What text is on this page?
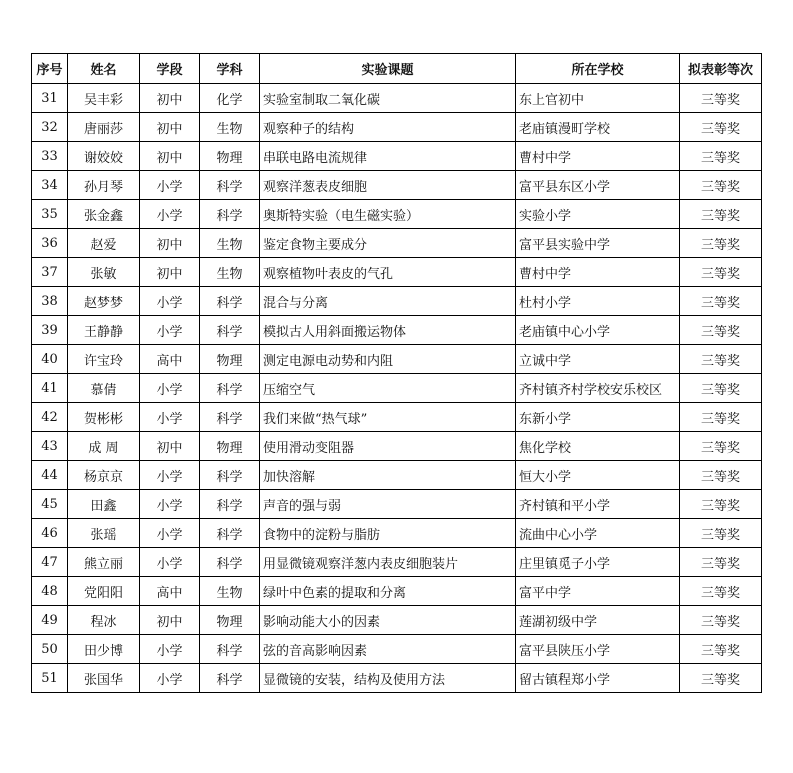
序号	姓名	学段	学科	实验课题	所在学校	拟表彰等次
31	吴丰彩	初中	化学	实验室制取二氧化碳	东上官初中	三等奖
32	唐丽莎	初中	生物	观察种子的结构	老庙镇漫町学校	三等奖
33	谢姣姣	初中	物理	串联电路电流规律	曹村中学	三等奖
34	孙月琴	小学	科学	观察洋葱表皮细胞	富平县东区小学	三等奖
35	张金鑫	小学	科学	奥斯特实验（电生磁实验）	实验小学	三等奖
36	赵爱	初中	生物	鉴定食物主要成分	富平县实验中学	三等奖
37	张敏	初中	生物	观察植物叶表皮的气孔	曹村中学	三等奖
38	赵梦梦	小学	科学	混合与分离	杜村小学	三等奖
39	王静静	小学	科学	模拟古人用斜面搬运物体	老庙镇中心小学	三等奖
40	许宝玲	高中	物理	测定电源电动势和内阻	立诚中学	三等奖
41	慕倩	小学	科学	压缩空气	齐村镇齐村学校安乐校区	三等奖
42	贺彬彬	小学	科学	我们来做“热气球”	东新小学	三等奖
43	成 周	初中	物理	使用滑动变阻器	焦化学校	三等奖
44	杨京京	小学	科学	加快溶解	恒大小学	三等奖
45	田鑫	小学	科学	声音的强与弱	齐村镇和平小学	三等奖
46	张瑶	小学	科学	食物中的淀粉与脂肪	流曲中心小学	三等奖
47	熊立丽	小学	科学	用显微镜观察洋葱内表皮细胞装片	庄里镇觅子小学	三等奖
48	党阳阳	高中	生物	绿叶中色素的提取和分离	富平中学	三等奖
49	程冰	初中	物理	影响动能大小的因素	莲湖初级中学	三等奖
50	田少博	小学	科学	弦的音高影响因素	富平县陕压小学	三等奖
51	张国华	小学	科学	显微镜的安装，结构及使用方法	留古镇程郑小学	三等奖
